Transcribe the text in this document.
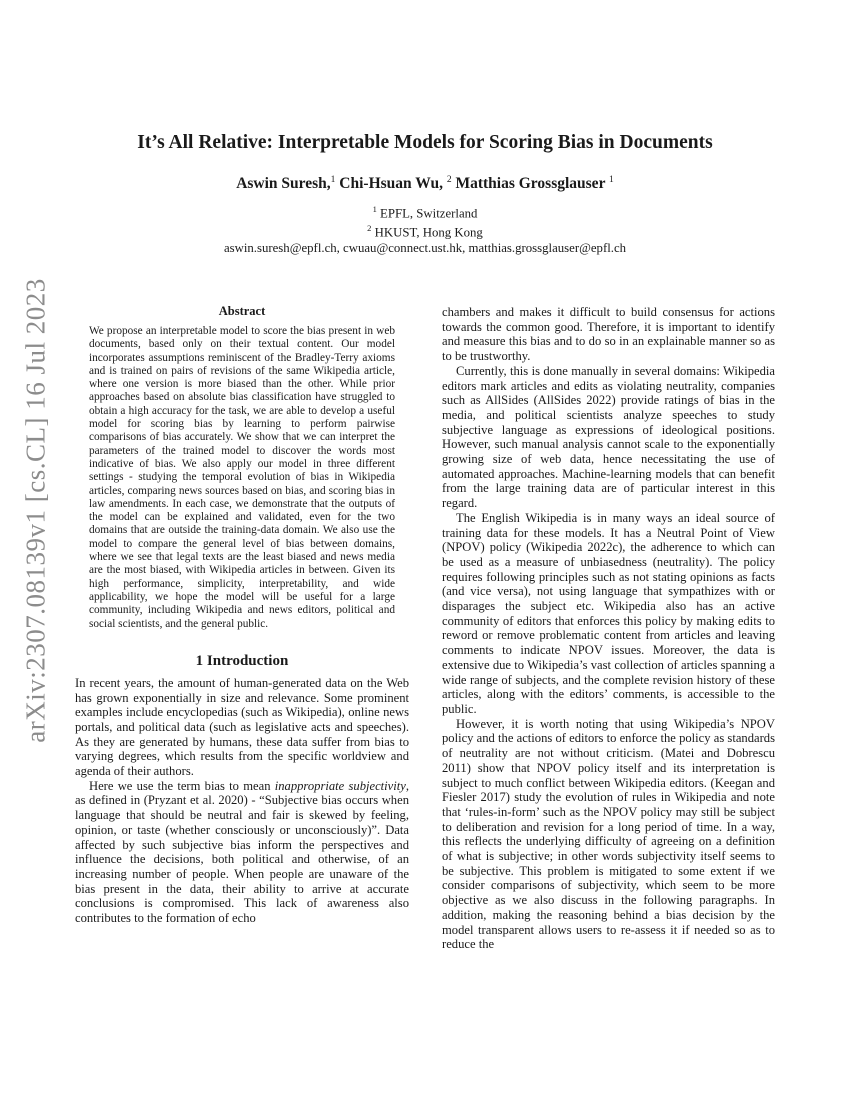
arXiv:2307.08139v1 [cs.CL] 16 Jul 2023
It’s All Relative: Interpretable Models for Scoring Bias in Documents
Aswin Suresh,$^1$ Chi-Hsuan Wu, $^2$ Matthias Grossglauser $^1$
$^1$ EPFL, Switzerland
$^2$ HKUST, Hong Kong
aswin.suresh@epfl.ch, cwuau@connect.ust.hk, matthias.grossglauser@epfl.ch
Abstract

We propose an interpretable model to score the bias present in web documents, based only on their textual content. Our model incorporates assumptions reminiscent of the Bradley-Terry axioms and is trained on pairs of revisions of the same Wikipedia article, where one version is more biased than the other. While prior approaches based on absolute bias classification have struggled to obtain a high accuracy for the task, we are able to develop a useful model for scoring bias by learning to perform pairwise comparisons of bias accurately. We show that we can interpret the parameters of the trained model to discover the words most indicative of bias. We also apply our model in three different settings - studying the temporal evolution of bias in Wikipedia articles, comparing news sources based on bias, and scoring bias in law amendments. In each case, we demonstrate that the outputs of the model can be explained and validated, even for the two domains that are outside the training-data domain. We also use the model to compare the general level of bias between domains, where we see that legal texts are the least biased and news media are the most biased, with Wikipedia articles in between. Given its high performance, simplicity, interpretability, and wide applicability, we hope the model will be useful for a large community, including Wikipedia and news editors, political and social scientists, and the general public.

1 Introduction

In recent years, the amount of human-generated data on the Web has grown exponentially in size and relevance. Some prominent examples include encyclopedias (such as Wikipedia), online news portals, and political data (such as legislative acts and speeches). As they are generated by humans, these data suffer from bias to varying degrees, which results from the specific worldview and agenda of their authors.

Here we use the term bias to mean inappropriate subjectivity, as defined in (Pryzant et al. 2020) - “Subjective bias occurs when language that should be neutral and fair is skewed by feeling, opinion, or taste (whether consciously or unconsciously)”. Data affected by such subjective bias inform the perspectives and influence the decisions, both political and otherwise, of an increasing number of people. When people are unaware of the bias present in the data, their ability to arrive at accurate conclusions is compromised. This lack of awareness also contributes to the formation of echo

chambers and makes it difficult to build consensus for actions towards the common good. Therefore, it is important to identify and measure this bias and to do so in an explainable manner so as to be trustworthy.

Currently, this is done manually in several domains: Wikipedia editors mark articles and edits as violating neutrality, companies such as AllSides (AllSides 2022) provide ratings of bias in the media, and political scientists analyze speeches to study subjective language as expressions of ideological positions. However, such manual analysis cannot scale to the exponentially growing size of web data, hence necessitating the use of automated approaches. Machine-learning models that can benefit from the large training data are of particular interest in this regard.

The English Wikipedia is in many ways an ideal source of training data for these models. It has a Neutral Point of View (NPOV) policy (Wikipedia 2022c), the adherence to which can be used as a measure of unbiasedness (neutrality). The policy requires following principles such as not stating opinions as facts (and vice versa), not using language that sympathizes with or disparages the subject etc. Wikipedia also has an active community of editors that enforces this policy by making edits to reword or remove problematic content from articles and leaving comments to indicate NPOV issues. Moreover, the data is extensive due to Wikipedia’s vast collection of articles spanning a wide range of subjects, and the complete revision history of these articles, along with the editors’ comments, is accessible to the public.

However, it is worth noting that using Wikipedia’s NPOV policy and the actions of editors to enforce the policy as standards of neutrality are not without criticism. (Matei and Dobrescu 2011) show that NPOV policy itself and its interpretation is subject to much conflict between Wikipedia editors. (Keegan and Fiesler 2017) study the evolution of rules in Wikipedia and note that ‘rules-in-form’ such as the NPOV policy may still be subject to deliberation and revision for a long period of time. In a way, this reflects the underlying difficulty of agreeing on a definition of what is subjective; in other words subjectivity itself seems to be subjective. This problem is mitigated to some extent if we consider comparisons of subjectivity, which seem to be more objective as we also discuss in the following paragraphs. In addition, making the reasoning behind a bias decision by the model transparent allows users to re-assess it if needed so as to reduce the
